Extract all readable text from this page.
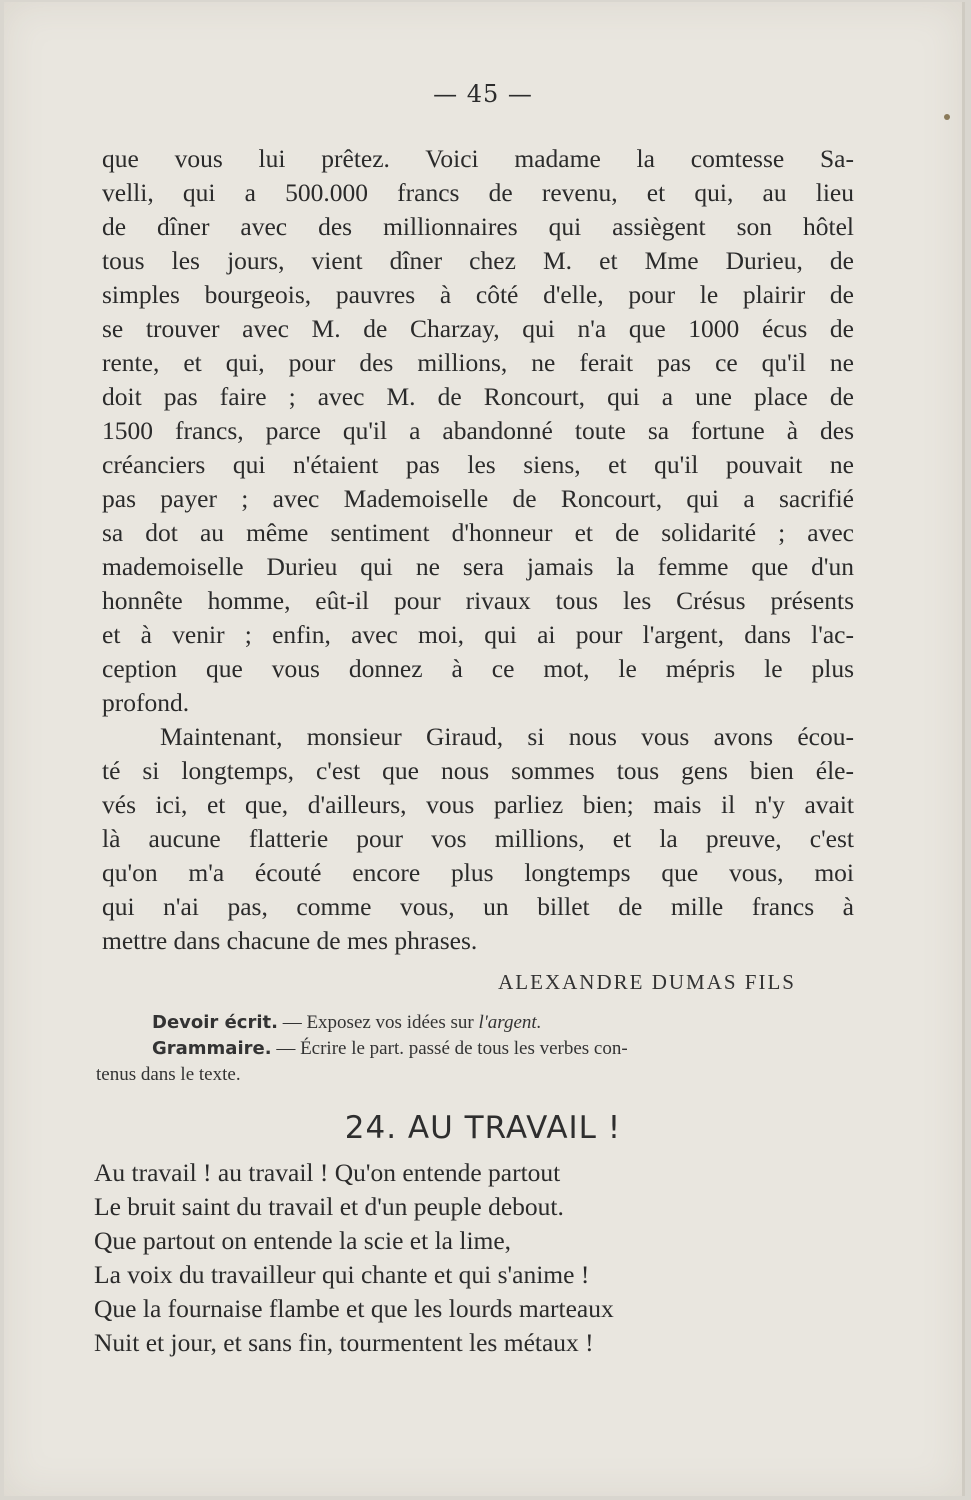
— 45 —
que vous lui prêtez. Voici madame la comtesse Sa-
velli, qui a 500.000 francs de revenu, et qui, au lieu
de dîner avec des millionnaires qui assiègent son hôtel
tous les jours, vient dîner chez M. et Mme Durieu, de
simples bourgeois, pauvres à côté d'elle, pour le plairir de
se trouver avec M. de Charzay, qui n'a que 1000 écus de
rente, et qui, pour des millions, ne ferait pas ce qu'il ne
doit pas faire ; avec M. de Roncourt, qui a une place de
1500 francs, parce qu'il a abandonné toute sa fortune à des
créanciers qui n'étaient pas les siens, et qu'il pouvait ne
pas payer ; avec Mademoiselle de Roncourt, qui a sacrifié
sa dot au même sentiment d'honneur et de solidarité ; avec
mademoiselle Durieu qui ne sera jamais la femme que d'un
honnête homme, eût-il pour rivaux tous les Crésus présents
et à venir ; enfin, avec moi, qui ai pour l'argent, dans l'ac-
ception que vous donnez à ce mot, le mépris le plus
profond.
Maintenant, monsieur Giraud, si nous vous avons écou-
té si longtemps, c'est que nous sommes tous gens bien éle-
vés ici, et que, d'ailleurs, vous parliez bien; mais il n'y avait
là aucune flatterie pour vos millions, et la preuve, c'est
qu'on m'a écouté encore plus longtemps que vous, moi
qui n'ai pas, comme vous, un billet de mille francs à
mettre dans chacune de mes phrases.
ALEXANDRE DUMAS FILS
Devoir écrit. — Exposez vos idées sur l'argent.
Grammaire. — Écrire le part. passé de tous les verbes con-
tenus dans le texte.
24. AU TRAVAIL !
Au travail ! au travail ! Qu'on entende partout
Le bruit saint du travail et d'un peuple debout.
Que partout on entende la scie et la lime,
La voix du travailleur qui chante et qui s'anime !
Que la fournaise flambe et que les lourds marteaux
Nuit et jour, et sans fin, tourmentent les métaux !
